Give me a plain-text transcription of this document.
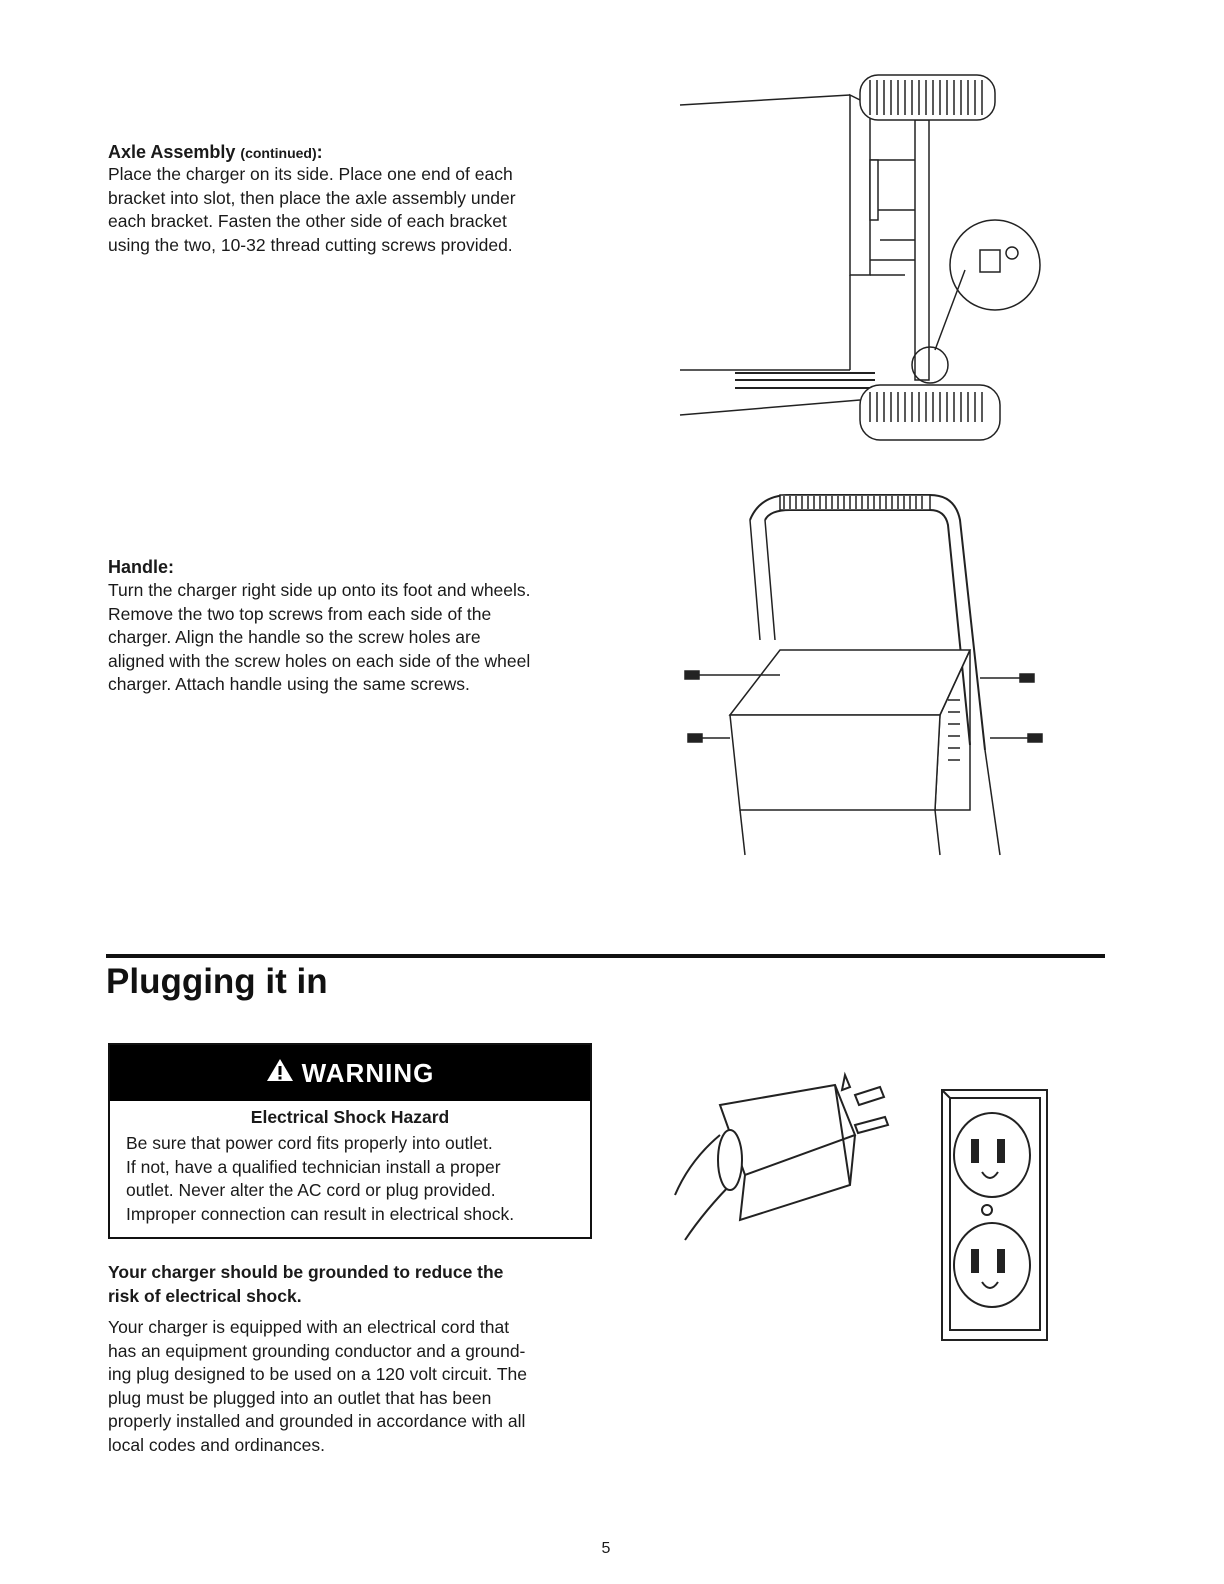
Axle Assembly (continued):

Place the charger on its side. Place one end of each

bracket into slot, then place the axle assembly under

each bracket. Fasten the other side of each bracket

using the two, 10-32 thread cutting screws provided.

Handle:

Turn the charger right side up onto its foot and wheels.

Remove the two top screws from each side of the

charger. Align the handle so the screw holes are

aligned with the screw holes on each side of the wheel

charger. Attach handle using the same screws.

Plugging it in
WARNING
Electrical Shock Hazard

Be sure that power cord fits properly into outlet.

If not, have a qualified technician install a proper

outlet. Never alter the AC cord or plug provided.

Improper connection can result in electrical shock.

Your charger should be grounded to reduce the
risk of electrical shock.

Your charger is equipped with an electrical cord that

has an equipment grounding conductor and a ground-

ing plug designed to be used on a 120 volt circuit. The

plug must be plugged into an outlet that has been

properly installed and grounded in accordance with all

local codes and ordinances.

5
